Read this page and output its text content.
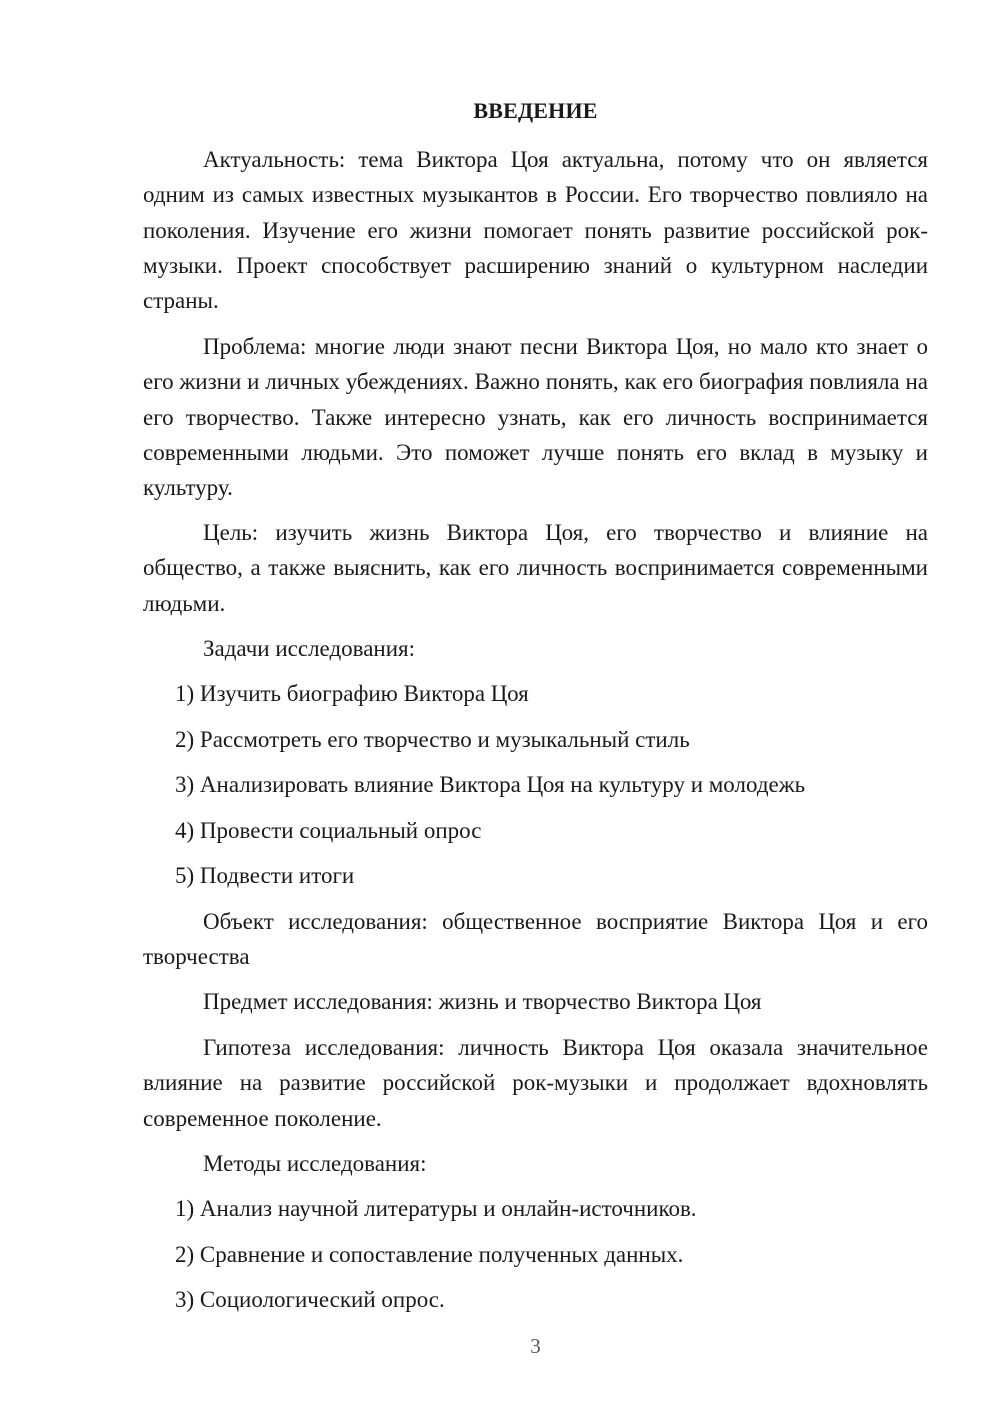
ВВЕДЕНИЕ

Актуальность: тема Виктора Цоя актуальна, потому что он является одним из самых известных музыкантов в России. Его творчество повлияло на поколения. Изучение его жизни помогает понять развитие российской рок-музыки. Проект способствует расширению знаний о культурном наследии страны.

Проблема: многие люди знают песни Виктора Цоя, но мало кто знает о его жизни и личных убеждениях. Важно понять, как его биография повлияла на его творчество. Также интересно узнать, как его личность воспринимается современными людьми. Это поможет лучше понять его вклад в музыку и культуру.

Цель: изучить жизнь Виктора Цоя, его творчество и влияние на общество, а также выяснить, как его личность воспринимается современными людьми.

Задачи исследования:
1) Изучить биографию Виктора Цоя
2) Рассмотреть его творчество и музыкальный стиль
3) Анализировать влияние Виктора Цоя на культуру и молодежь
4) Провести социальный опрос
5) Подвести итоги

Объект исследования: общественное восприятие Виктора Цоя и его творчества

Предмет исследования: жизнь и творчество Виктора Цоя

Гипотеза исследования: личность Виктора Цоя оказала значительное влияние на развитие российской рок-музыки и продолжает вдохновлять современное поколение.

Методы исследования:
1) Анализ научной литературы и онлайн-источников.
2) Сравнение и сопоставление полученных данных.
3) Социологический опрос.
3
